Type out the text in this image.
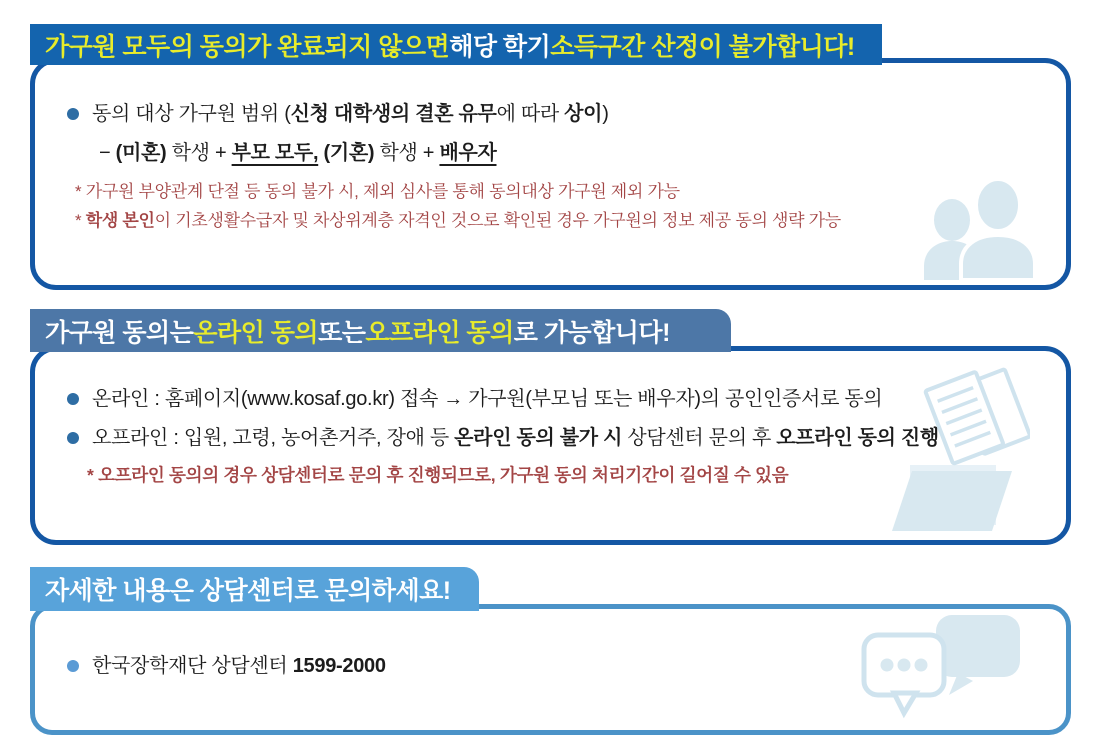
가구원 모두의 동의가 완료되지 않으면 해당 학기 소득구간 산정이 불가합니다!
동의 대상 가구원 범위 (신청 대학생의 결혼 유무에 따라 상이)
− (미혼) 학생 + 부모 모두, (기혼) 학생 + 배우자
* 가구원 부양관계 단절 등 동의 불가 시, 제외 심사를 통해 동의대상 가구원 제외 가능
* 학생 본인이 기초생활수급자 및 차상위계층 자격인 것으로 확인된 경우 가구원의 정보 제공 동의 생략 가능
가구원 동의는 온라인 동의 또는 오프라인 동의 로 가능합니다!
온라인 : 홈페이지(www.kosaf.go.kr) 접속 → 가구원(부모님 또는 배우자)의 공인인증서로 동의
오프라인 : 입원, 고령, 농어촌거주, 장애 등 온라인 동의 불가 시 상담센터 문의 후 오프라인 동의 진행
* 오프라인 동의의 경우 상담센터로 문의 후 진행되므로, 가구원 동의 처리기간이 길어질 수 있음
자세한 내용은 상담센터로 문의하세요!
한국장학재단 상담센터 1599-2000
